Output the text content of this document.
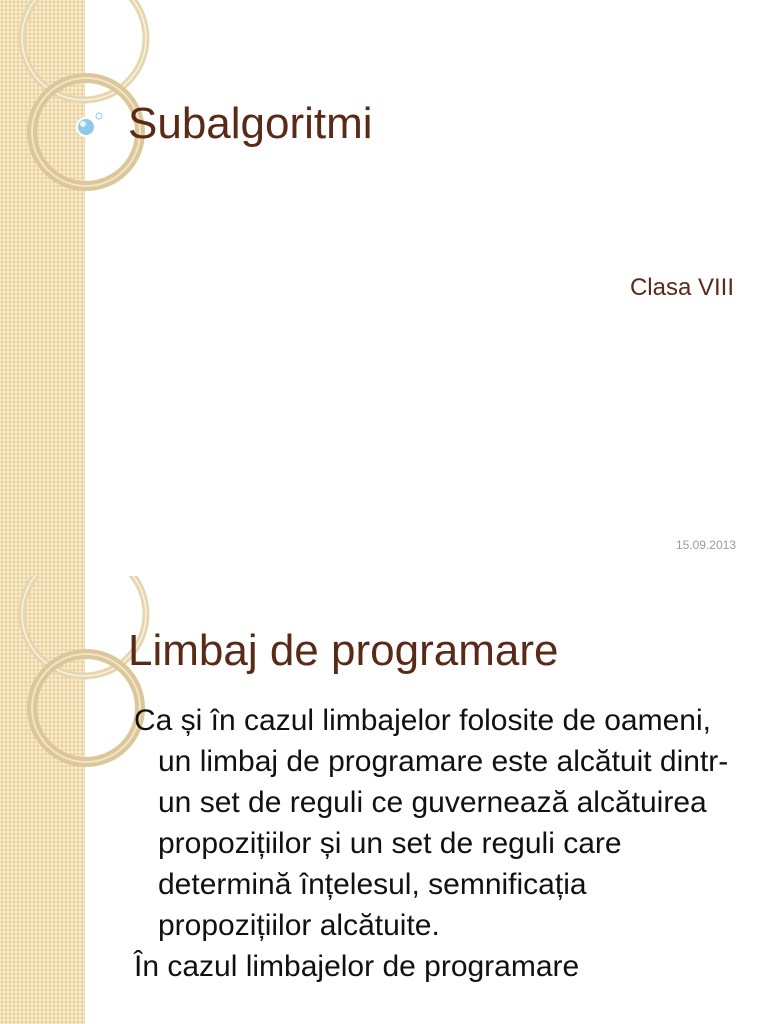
Subalgoritmi
Clasa VIII
15.09.2013
Limbaj de programare
Ca și în cazul limbajelor folosite de oameni, un limbaj de programare este alcătuit dintr-un set de reguli ce guvernează alcătuirea propozițiilor și un set de reguli care determină înțelesul, semnificația propozițiilor alcătuite.
În cazul limbajelor de programare
